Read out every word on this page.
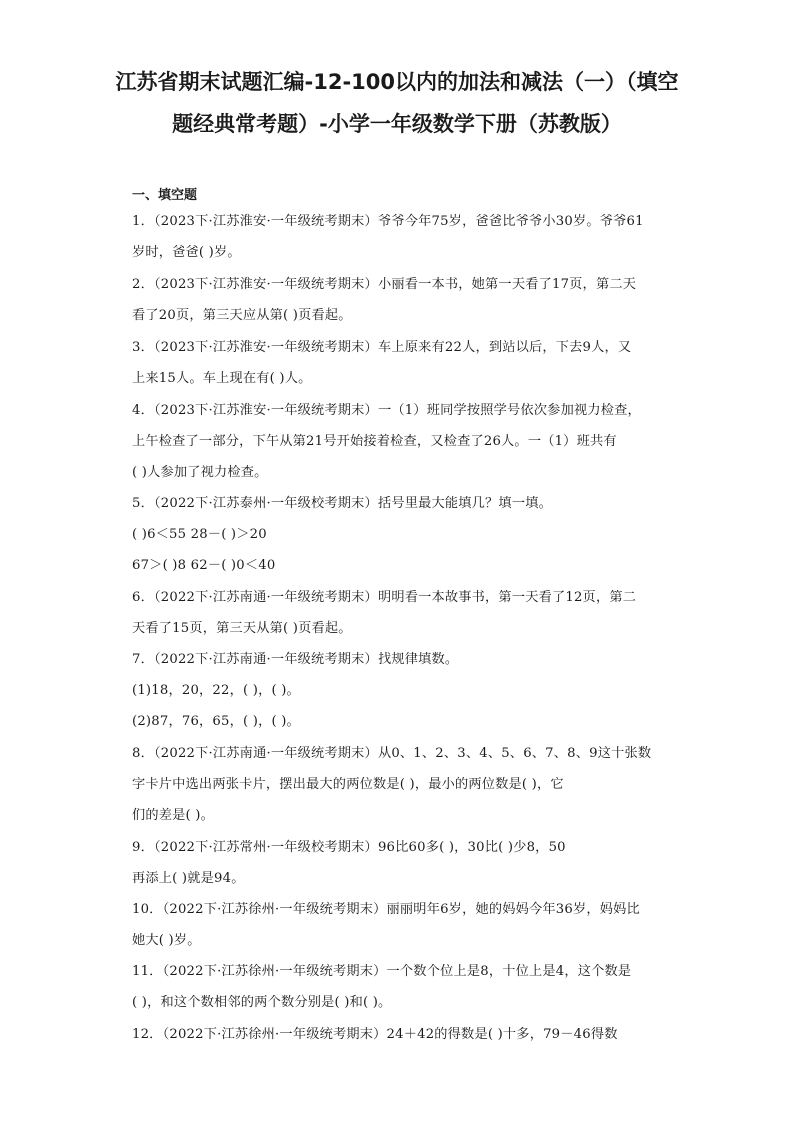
江苏省期末试题汇编-12-100以内的加法和减法（一）（填空
题经典常考题）-小学一年级数学下册（苏教版）
一、填空题
1．（2023下·江苏淮安·一年级统考期末）爷爷今年75岁，爸爸比爷爷小30岁。爷爷61
岁时，爸爸( )岁。
2．（2023下·江苏淮安·一年级统考期末）小丽看一本书，她第一天看了17页，第二天
看了20页，第三天应从第( )页看起。
3．（2023下·江苏淮安·一年级统考期末）车上原来有22人，到站以后，下去9人，又
上来15人。车上现在有( )人。
4．（2023下·江苏淮安·一年级统考期末）一（1）班同学按照学号依次参加视力检查，
上午检查了一部分，下午从第21号开始接着检查，又检查了26人。一（1）班共有
( )人参加了视力检查。
5．（2022下·江苏泰州·一年级校考期末）括号里最大能填几？填一填。
( )6＜55 28－( )＞20
67＞( )8 62－( )0＜40
6．（2022下·江苏南通·一年级统考期末）明明看一本故事书，第一天看了12页，第二
天看了15页，第三天从第( )页看起。
7．（2022下·江苏南通·一年级统考期末）找规律填数。
(1)18，20，22，( )，( )。
(2)87，76，65，( )，( )。
8．（2022下·江苏南通·一年级统考期末）从0、1、2、3、4、5、6、7、8、9这十张数
字卡片中选出两张卡片，摆出最大的两位数是( )，最小的两位数是( )，它
们的差是( )。
9．（2022下·江苏常州·一年级校考期末）96比60多( )，30比( )少8，50
再添上( )就是94。
10．（2022下·江苏徐州·一年级统考期末）丽丽明年6岁，她的妈妈今年36岁，妈妈比
她大( )岁。
11．（2022下·江苏徐州·一年级统考期末）一个数个位上是8，十位上是4，这个数是
( )，和这个数相邻的两个数分别是( )和( )。
12．（2022下·江苏徐州·一年级统考期末）24＋42的得数是( )十多，79－46得数
